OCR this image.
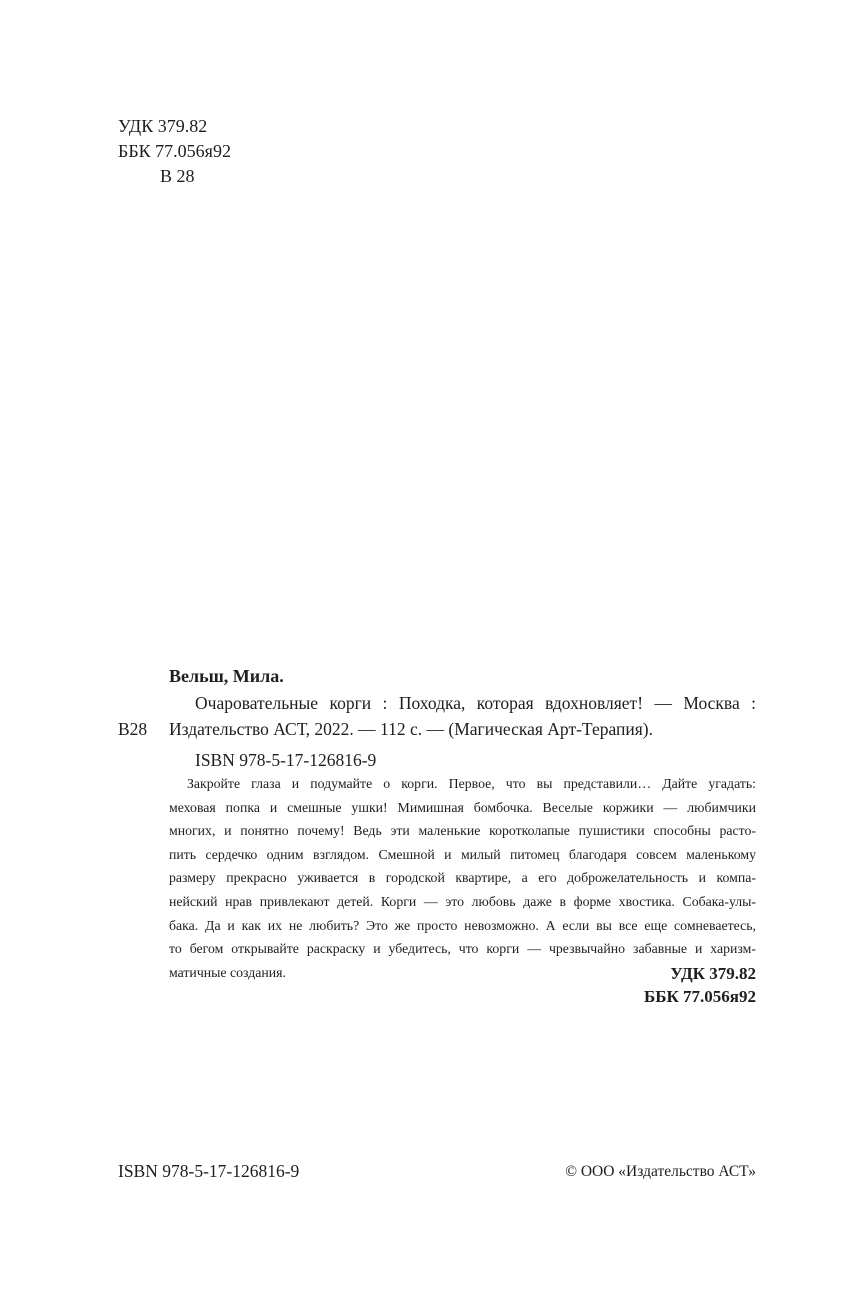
УДК 379.82
ББК 77.056я92
В 28
Вельш, Мила.
В28
Очаровательные корги : Походка, которая вдохновляет! — Москва :
Издательство АСТ, 2022. — 112 с. — (Магическая Арт-Терапия).
ISBN 978-5-17-126816-9
Закройте глаза и подумайте о корги. Первое, что вы представили… Дайте угадать:
меховая попка и смешные ушки! Мимишная бомбочка. Веселые коржики — любимчики
многих, и понятно почему! Ведь эти маленькие коротколапые пушистики способны расто-
пить сердечко одним взглядом. Смешной и милый питомец благодаря совсем маленькому
размеру прекрасно уживается в городской квартире, а его доброжелательность и компа-
нейский нрав привлекают детей. Корги — это любовь даже в форме хвостика. Собака-улы-
бака. Да и как их не любить? Это же просто невозможно. А если вы все еще сомневаетесь,
то бегом открывайте раскраску и убедитесь, что корги — чрезвычайно забавные и харизм-
матичные создания.	УДК 379.82
ББК 77.056я92
ISBN 978-5-17-126816-9	© ООО «Издательство АСТ»
